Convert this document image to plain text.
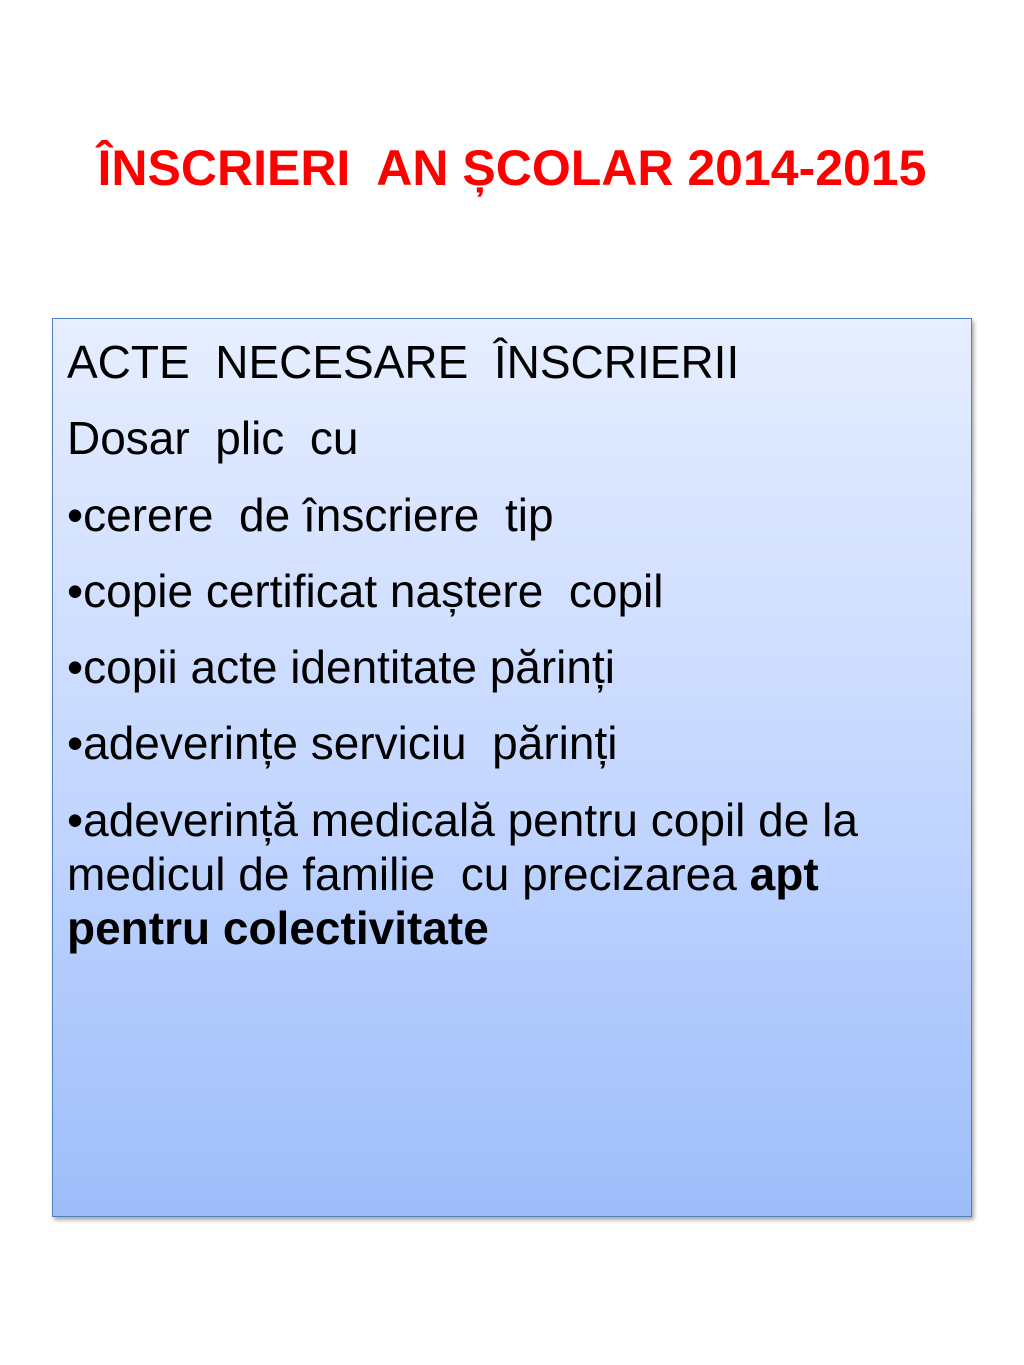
ÎNSCRIERI  AN ȘCOLAR 2014-2015
ACTE  NECESARE  ÎNSCRIERII
Dosar  plic  cu
•cerere  de înscriere  tip
•copie certificat naștere  copil
•copii acte identitate părinți
•adeverințe serviciu  părinți
•adeverință medicală pentru copil de la medicul de familie  cu precizarea apt pentru colectivitate
